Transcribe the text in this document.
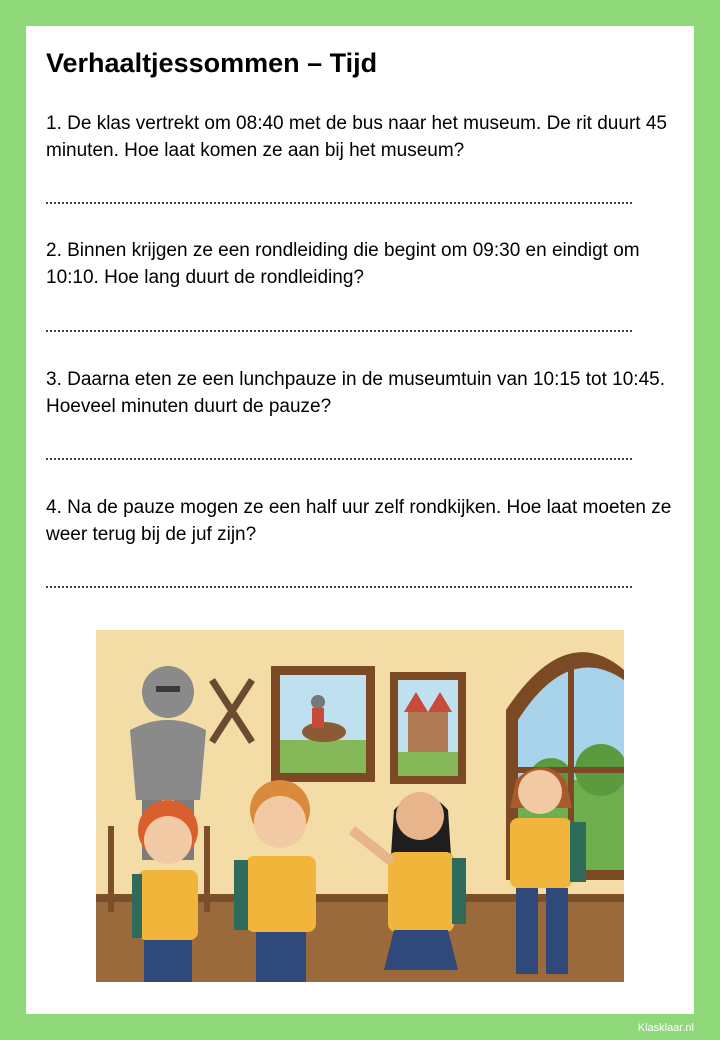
Verhaaltjessommen – Tijd
1. De klas vertrekt om 08:40 met de bus naar het museum. De rit duurt 45 minuten. Hoe laat komen ze aan bij het museum?
2. Binnen krijgen ze een rondleiding die begint om 09:30 en eindigt om 10:10. Hoe lang duurt de rondleiding?
3. Daarna eten ze een lunchpauze in de museumtuin van 10:15 tot 10:45. Hoeveel minuten duurt de pauze?
4. Na de pauze mogen ze een half uur zelf rondkijken. Hoe laat moeten ze weer terug bij de juf zijn?
Klasklaar.nl
